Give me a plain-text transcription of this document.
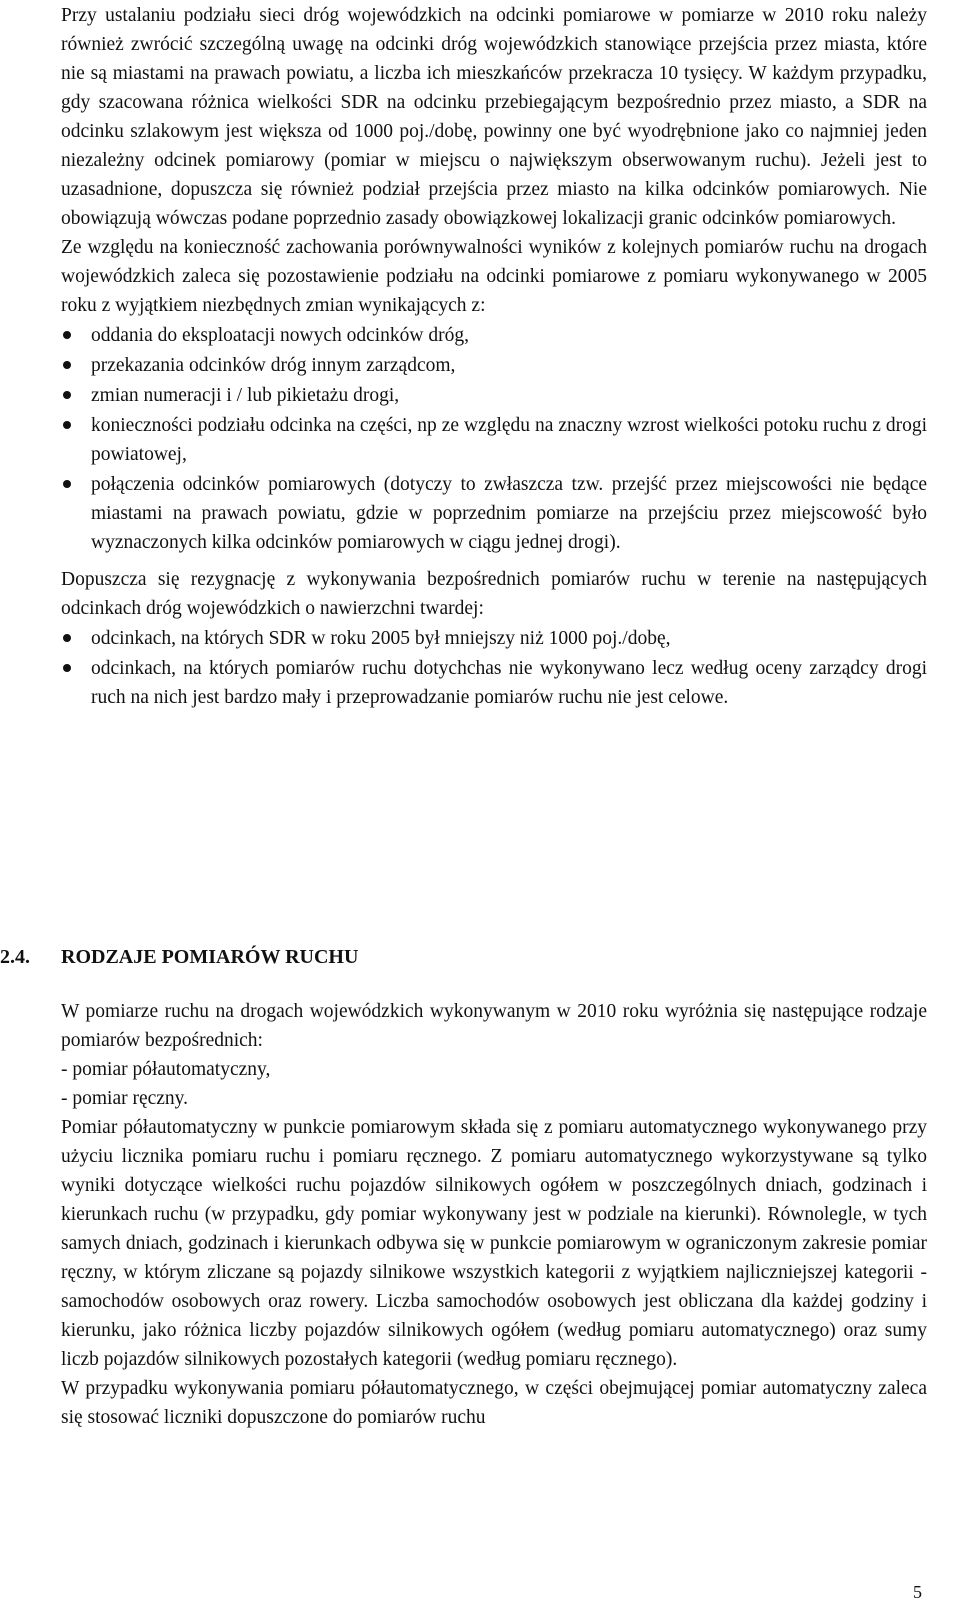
Przy ustalaniu podziału sieci dróg wojewódzkich na odcinki pomiarowe w pomiarze w 2010 roku należy również zwrócić szczególną uwagę na odcinki dróg wojewódzkich stanowiące przejścia przez miasta, które nie są miastami na prawach powiatu, a liczba ich mieszkańców przekracza 10 tysięcy. W każdym przypadku, gdy szacowana różnica wielkości SDR na odcinku przebiegającym bezpośrednio przez miasto, a SDR na odcinku szlakowym jest większa od 1000 poj./dobę, powinny one być wyodrębnione jako co najmniej jeden niezależny odcinek pomiarowy (pomiar w miejscu o największym obserwowanym ruchu). Jeżeli jest to uzasadnione, dopuszcza się również podział przejścia przez miasto na kilka odcinków pomiarowych. Nie obowiązują wówczas podane poprzednio zasady obowiązkowej lokalizacji granic odcinków pomiarowych.

Ze względu na konieczność zachowania porównywalności wyników z kolejnych pomiarów ruchu na drogach wojewódzkich zaleca się pozostawienie podziału na odcinki pomiarowe z pomiaru wykonywanego w 2005 roku z wyjątkiem niezbędnych zmian wynikających z:

oddania do eksploatacji nowych odcinków dróg,
przekazania odcinków dróg innym zarządcom,
zmian numeracji i / lub pikietażu drogi,
konieczności podziału odcinka na części, np ze względu na znaczny wzrost wielkości potoku ruchu z drogi powiatowej,
połączenia odcinków pomiarowych (dotyczy to zwłaszcza tzw. przejść przez miejscowości nie będące miastami na prawach powiatu, gdzie w poprzednim pomiarze na przejściu przez miejscowość było wyznaczonych kilka odcinków pomiarowych w ciągu jednej drogi).

Dopuszcza się rezygnację z wykonywania bezpośrednich pomiarów ruchu w terenie na następujących odcinkach dróg wojewódzkich o nawierzchni twardej:

odcinkach, na których SDR w roku 2005 był mniejszy niż 1000 poj./dobę,
odcinkach, na których pomiarów ruchu dotychchas nie wykonywano lecz według oceny zarządcy drogi ruch na nich jest bardzo mały i przeprowadzanie pomiarów ruchu nie jest celowe.
2.4. RODZAJE POMIARÓW RUCHU

W pomiarze ruchu na drogach wojewódzkich wykonywanym w 2010 roku wyróżnia się następujące rodzaje pomiarów bezpośrednich:

- pomiar półautomatyczny,

- pomiar ręczny.

Pomiar półautomatyczny w punkcie pomiarowym składa się z pomiaru automatycznego wykonywanego przy użyciu licznika pomiaru ruchu i pomiaru ręcznego. Z pomiaru automatycznego wykorzystywane są tylko wyniki dotyczące wielkości ruchu pojazdów silnikowych ogółem w poszczególnych dniach, godzinach i kierunkach ruchu (w przypadku, gdy pomiar wykonywany jest w podziale na kierunki). Równolegle, w tych samych dniach, godzinach i kierunkach odbywa się w punkcie pomiarowym w ograniczonym zakresie pomiar ręczny, w którym zliczane są pojazdy silnikowe wszystkich kategorii z wyjątkiem najliczniejszej kategorii - samochodów osobowych oraz rowery. Liczba samochodów osobowych jest obliczana dla każdej godziny i kierunku, jako różnica liczby pojazdów silnikowych ogółem (według pomiaru automatycznego) oraz sumy liczb pojazdów silnikowych pozostałych kategorii (według pomiaru ręcznego).

W przypadku wykonywania pomiaru półautomatycznego, w części obejmującej pomiar automatyczny zaleca się stosować liczniki dopuszczone do pomiarów ruchu

5
